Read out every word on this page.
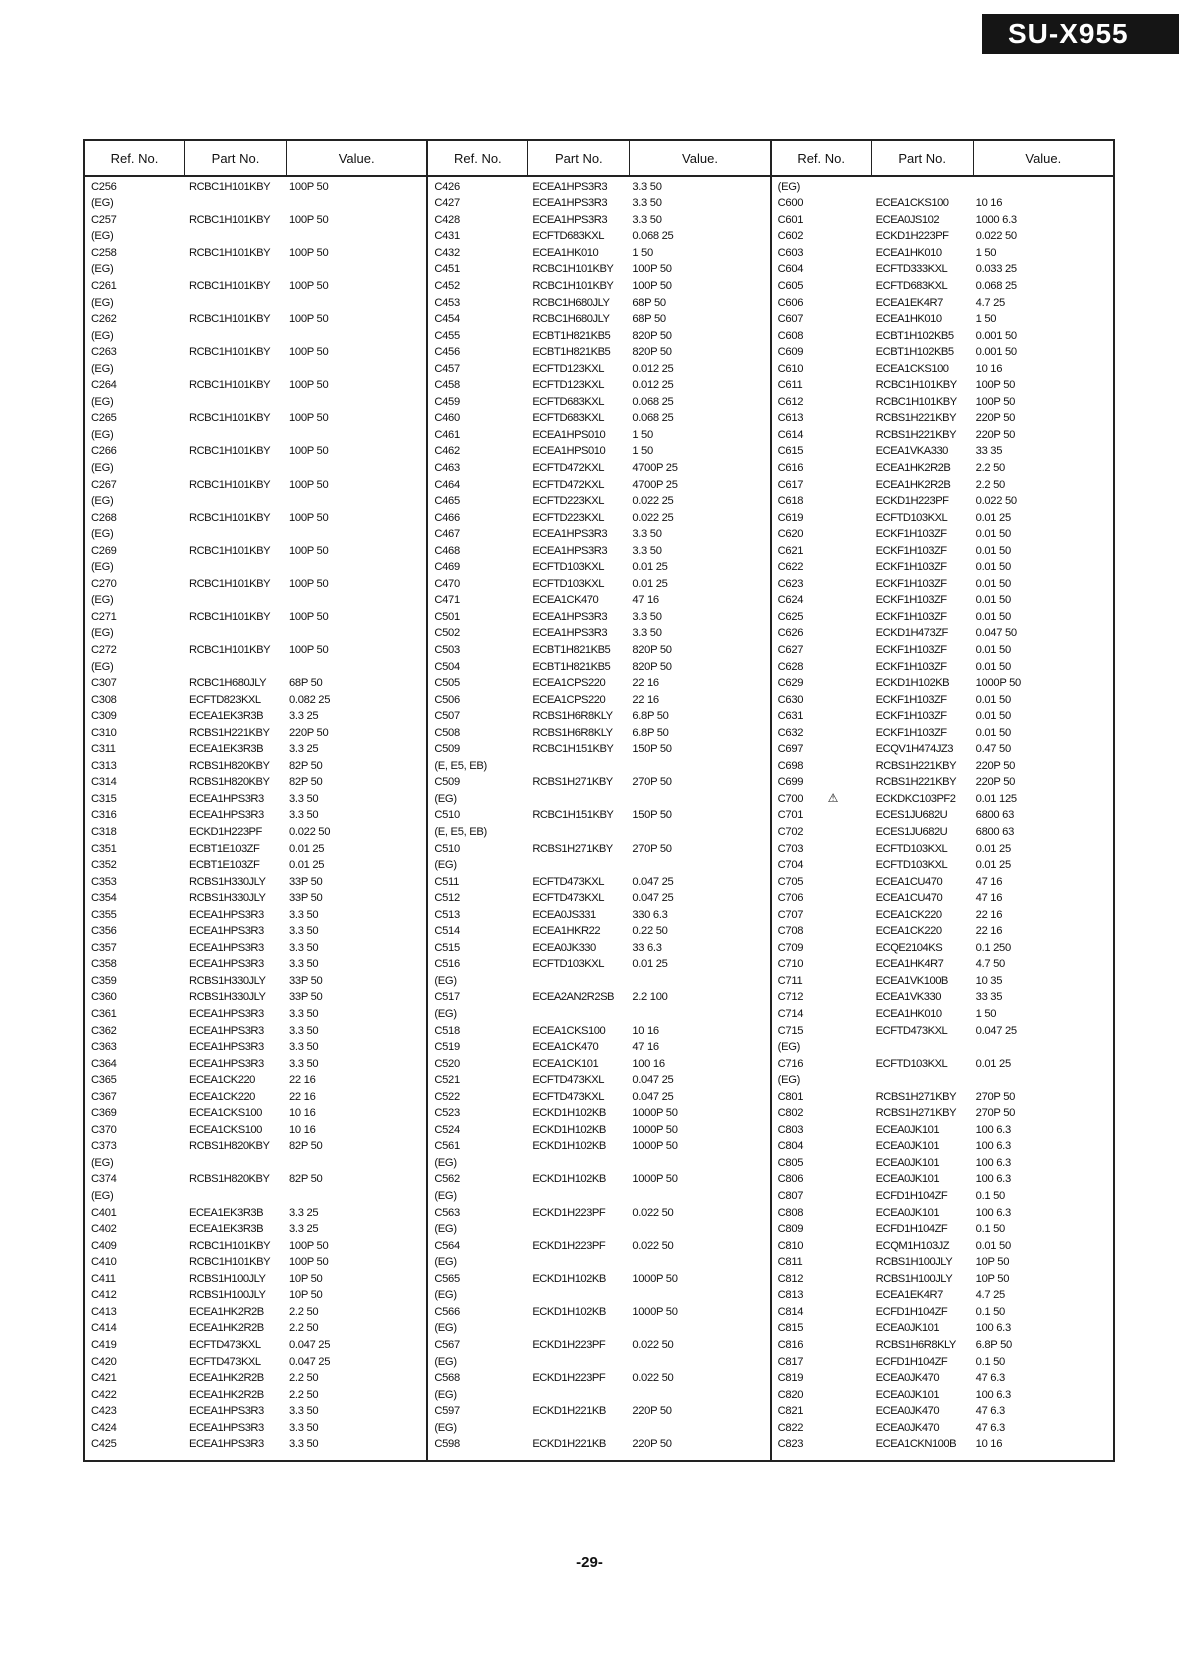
SU-X955
Ref. No.	Part No.	Value.
C256	RCBC1H101KBY	100P 50
(EG)
C257	RCBC1H101KBY	100P 50
(EG)
C258	RCBC1H101KBY	100P 50
(EG)
C261	RCBC1H101KBY	100P 50
(EG)
C262	RCBC1H101KBY	100P 50
(EG)
C263	RCBC1H101KBY	100P 50
(EG)
C264	RCBC1H101KBY	100P 50
(EG)
C265	RCBC1H101KBY	100P 50
(EG)
C266	RCBC1H101KBY	100P 50
(EG)
C267	RCBC1H101KBY	100P 50
(EG)
C268	RCBC1H101KBY	100P 50
(EG)
C269	RCBC1H101KBY	100P 50
(EG)
C270	RCBC1H101KBY	100P 50
(EG)
C271	RCBC1H101KBY	100P 50
(EG)
C272	RCBC1H101KBY	100P 50
(EG)
C307	RCBC1H680JLY	68P 50
C308	ECFTD823KXL	0.082 25
C309	ECEA1EK3R3B	3.3 25
C310	RCBS1H221KBY	220P 50
C311	ECEA1EK3R3B	3.3 25
C313	RCBS1H820KBY	82P 50
C314	RCBS1H820KBY	82P 50
C315	ECEA1HPS3R3	3.3 50
C316	ECEA1HPS3R3	3.3 50
C318	ECKD1H223PF	0.022 50
C351	ECBT1E103ZF	0.01 25
C352	ECBT1E103ZF	0.01 25
C353	RCBS1H330JLY	33P 50
C354	RCBS1H330JLY	33P 50
C355	ECEA1HPS3R3	3.3 50
C356	ECEA1HPS3R3	3.3 50
C357	ECEA1HPS3R3	3.3 50
C358	ECEA1HPS3R3	3.3 50
C359	RCBS1H330JLY	33P 50
C360	RCBS1H330JLY	33P 50
C361	ECEA1HPS3R3	3.3 50
C362	ECEA1HPS3R3	3.3 50
C363	ECEA1HPS3R3	3.3 50
C364	ECEA1HPS3R3	3.3 50
C365	ECEA1CK220	22 16
C367	ECEA1CK220	22 16
C369	ECEA1CKS100	10 16
C370	ECEA1CKS100	10 16
C373	RCBS1H820KBY	82P 50
(EG)
C374	RCBS1H820KBY	82P 50
(EG)
C401	ECEA1EK3R3B	3.3 25
C402	ECEA1EK3R3B	3.3 25
C409	RCBC1H101KBY	100P 50
C410	RCBC1H101KBY	100P 50
C411	RCBS1H100JLY	10P 50
C412	RCBS1H100JLY	10P 50
C413	ECEA1HK2R2B	2.2 50
C414	ECEA1HK2R2B	2.2 50
C419	ECFTD473KXL	0.047 25
C420	ECFTD473KXL	0.047 25
C421	ECEA1HK2R2B	2.2 50
C422	ECEA1HK2R2B	2.2 50
C423	ECEA1HPS3R3	3.3 50
C424	ECEA1HPS3R3	3.3 50
C425	ECEA1HPS3R3	3.3 50
Ref. No.	Part No.	Value.
C426	ECEA1HPS3R3	3.3 50
C427	ECEA1HPS3R3	3.3 50
C428	ECEA1HPS3R3	3.3 50
C431	ECFTD683KXL	0.068 25
C432	ECEA1HK010	1 50
C451	RCBC1H101KBY	100P 50
C452	RCBC1H101KBY	100P 50
C453	RCBC1H680JLY	68P 50
C454	RCBC1H680JLY	68P 50
C455	ECBT1H821KB5	820P 50
C456	ECBT1H821KB5	820P 50
C457	ECFTD123KXL	0.012 25
C458	ECFTD123KXL	0.012 25
C459	ECFTD683KXL	0.068 25
C460	ECFTD683KXL	0.068 25
C461	ECEA1HPS010	1 50
C462	ECEA1HPS010	1 50
C463	ECFTD472KXL	4700P 25
C464	ECFTD472KXL	4700P 25
C465	ECFTD223KXL	0.022 25
C466	ECFTD223KXL	0.022 25
C467	ECEA1HPS3R3	3.3 50
C468	ECEA1HPS3R3	3.3 50
C469	ECFTD103KXL	0.01 25
C470	ECFTD103KXL	0.01 25
C471	ECEA1CK470	47 16
C501	ECEA1HPS3R3	3.3 50
C502	ECEA1HPS3R3	3.3 50
C503	ECBT1H821KB5	820P 50
C504	ECBT1H821KB5	820P 50
C505	ECEA1CPS220	22 16
C506	ECEA1CPS220	22 16
C507	RCBS1H6R8KLY	6.8P 50
C508	RCBS1H6R8KLY	6.8P 50
C509	RCBC1H151KBY	150P 50
(E, E5, EB)
C509	RCBS1H271KBY	270P 50
(EG)
C510	RCBC1H151KBY	150P 50
(E, E5, EB)
C510	RCBS1H271KBY	270P 50
(EG)
C511	ECFTD473KXL	0.047 25
C512	ECFTD473KXL	0.047 25
C513	ECEA0JS331	330 6.3
C514	ECEA1HKR22	0.22 50
C515	ECEA0JK330	33 6.3
C516	ECFTD103KXL	0.01 25
(EG)
C517	ECEA2AN2R2SB	2.2 100
(EG)
C518	ECEA1CKS100	10 16
C519	ECEA1CK470	47 16
C520	ECEA1CK101	100 16
C521	ECFTD473KXL	0.047 25
C522	ECFTD473KXL	0.047 25
C523	ECKD1H102KB	1000P 50
C524	ECKD1H102KB	1000P 50
C561	ECKD1H102KB	1000P 50
(EG)
C562	ECKD1H102KB	1000P 50
(EG)
C563	ECKD1H223PF	0.022 50
(EG)
C564	ECKD1H223PF	0.022 50
(EG)
C565	ECKD1H102KB	1000P 50
(EG)
C566	ECKD1H102KB	1000P 50
(EG)
C567	ECKD1H223PF	0.022 50
(EG)
C568	ECKD1H223PF	0.022 50
(EG)
C597	ECKD1H221KB	220P 50
(EG)
C598	ECKD1H221KB	220P 50
Ref. No.	Part No.	Value.
(EG)
C600	ECEA1CKS100	10 16
C601	ECEA0JS102	1000 6.3
C602	ECKD1H223PF	0.022 50
C603	ECEA1HK010	1 50
C604	ECFTD333KXL	0.033 25
C605	ECFTD683KXL	0.068 25
C606	ECEA1EK4R7	4.7 25
C607	ECEA1HK010	1 50
C608	ECBT1H102KB5	0.001 50
C609	ECBT1H102KB5	0.001 50
C610	ECEA1CKS100	10 16
C611	RCBC1H101KBY	100P 50
C612	RCBC1H101KBY	100P 50
C613	RCBS1H221KBY	220P 50
C614	RCBS1H221KBY	220P 50
C615	ECEA1VKA330	33 35
C616	ECEA1HK2R2B	2.2 50
C617	ECEA1HK2R2B	2.2 50
C618	ECKD1H223PF	0.022 50
C619	ECFTD103KXL	0.01 25
C620	ECKF1H103ZF	0.01 50
C621	ECKF1H103ZF	0.01 50
C622	ECKF1H103ZF	0.01 50
C623	ECKF1H103ZF	0.01 50
C624	ECKF1H103ZF	0.01 50
C625	ECKF1H103ZF	0.01 50
C626	ECKD1H473ZF	0.047 50
C627	ECKF1H103ZF	0.01 50
C628	ECKF1H103ZF	0.01 50
C629	ECKD1H102KB	1000P 50
C630	ECKF1H103ZF	0.01 50
C631	ECKF1H103ZF	0.01 50
C632	ECKF1H103ZF	0.01 50
C697	ECQV1H474JZ3	0.47 50
C698	RCBS1H221KBY	220P 50
C699	RCBS1H221KBY	220P 50
C700 ⚠	ECKDKC103PF2	0.01 125
C701	ECES1JU682U	6800 63
C702	ECES1JU682U	6800 63
C703	ECFTD103KXL	0.01 25
C704	ECFTD103KXL	0.01 25
C705	ECEA1CU470	47 16
C706	ECEA1CU470	47 16
C707	ECEA1CK220	22 16
C708	ECEA1CK220	22 16
C709	ECQE2104KS	0.1 250
C710	ECEA1HK4R7	4.7 50
C711	ECEA1VK100B	10 35
C712	ECEA1VK330	33 35
C714	ECEA1HK010	1 50
C715	ECFTD473KXL	0.047 25
(EG)
C716	ECFTD103KXL	0.01 25
(EG)
C801	RCBS1H271KBY	270P 50
C802	RCBS1H271KBY	270P 50
C803	ECEA0JK101	100 6.3
C804	ECEA0JK101	100 6.3
C805	ECEA0JK101	100 6.3
C806	ECEA0JK101	100 6.3
C807	ECFD1H104ZF	0.1 50
C808	ECEA0JK101	100 6.3
C809	ECFD1H104ZF	0.1 50
C810	ECQM1H103JZ	0.01 50
C811	RCBS1H100JLY	10P 50
C812	RCBS1H100JLY	10P 50
C813	ECEA1EK4R7	4.7 25
C814	ECFD1H104ZF	0.1 50
C815	ECEA0JK101	100 6.3
C816	RCBS1H6R8KLY	6.8P 50
C817	ECFD1H104ZF	0.1 50
C819	ECEA0JK470	47 6.3
C820	ECEA0JK101	100 6.3
C821	ECEA0JK470	47 6.3
C822	ECEA0JK470	47 6.3
C823	ECEA1CKN100B	10 16
-29-
